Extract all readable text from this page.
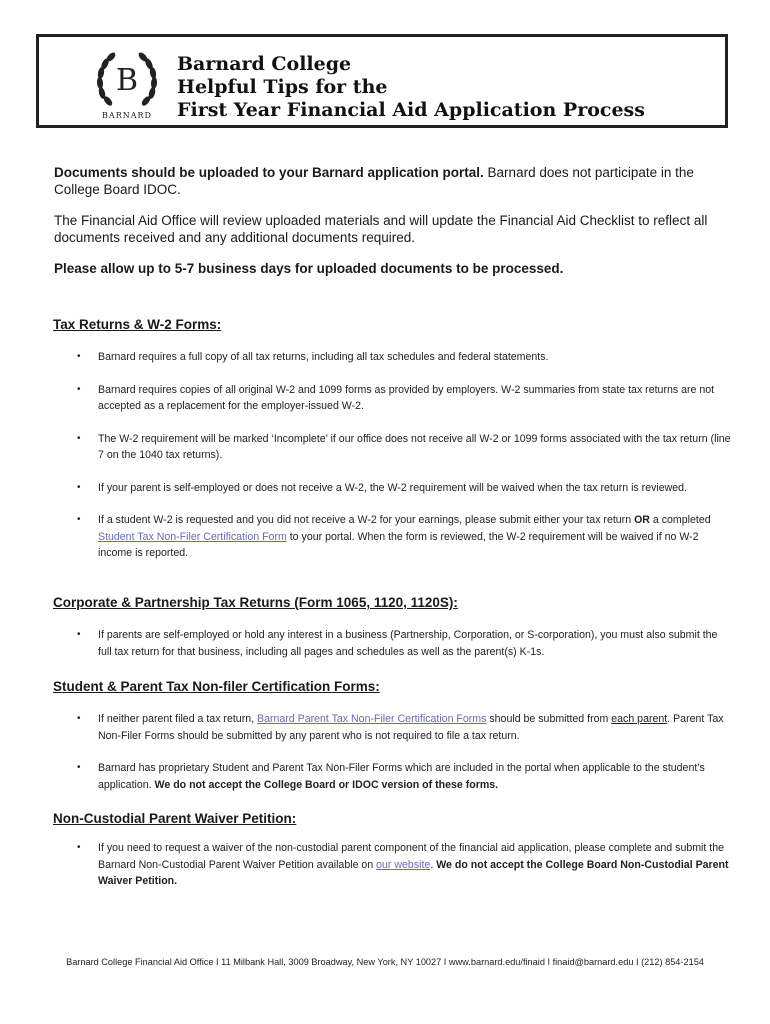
B
BARNARD
Barnard College
Helpful Tips for the
First Year Financial Aid Application Process

Documents should be uploaded to your Barnard application portal. Barnard does not participate in the College Board IDOC.

The Financial Aid Office will review uploaded materials and will update the Financial Aid Checklist to reflect all documents received and any additional documents required.

Please allow up to 5-7 business days for uploaded documents to be processed.

Tax Returns & W-2 Forms:
• Barnard requires a full copy of all tax returns, including all tax schedules and federal statements.
• Barnard requires copies of all original W-2 and 1099 forms as provided by employers. W-2 summaries from state tax returns are not accepted as a replacement for the employer-issued W-2.
• The W-2 requirement will be marked ‘Incomplete’ if our office does not receive all W-2 or 1099 forms associated with the tax return (line 7 on the 1040 tax returns).
• If your parent is self-employed or does not receive a W-2, the W-2 requirement will be waived when the tax return is reviewed.
• If a student W-2 is requested and you did not receive a W-2 for your earnings, please submit either your tax return OR a completed Student Tax Non-Filer Certification Form to your portal. When the form is reviewed, the W-2 requirement will be waived if no W-2 income is reported.
Corporate & Partnership Tax Returns (Form 1065, 1120, 1120S):
• If parents are self-employed or hold any interest in a business (Partnership, Corporation, or S-corporation), you must also submit the full tax return for that business, including all pages and schedules as well as the parent(s) K-1s.
Student & Parent Tax Non-filer Certification Forms:
• If neither parent filed a tax return, Barnard Parent Tax Non-Filer Certification Forms should be submitted from each parent. Parent Tax Non-Filer Forms should be submitted by any parent who is not required to file a tax return.
• Barnard has proprietary Student and Parent Tax Non-Filer Forms which are included in the portal when applicable to the student’s application. We do not accept the College Board or IDOC version of these forms.
Non-Custodial Parent Waiver Petition:
• If you need to request a waiver of the non-custodial parent component of the financial aid application, please complete and submit the Barnard Non-Custodial Parent Waiver Petition available on our website. We do not accept the College Board Non-Custodial Parent Waiver Petition.
Barnard College Financial Aid Office I 11 Milbank Hall, 3009 Broadway, New York, NY 10027 I www.barnard.edu/finaid I finaid@barnard.edu I (212) 854-2154
